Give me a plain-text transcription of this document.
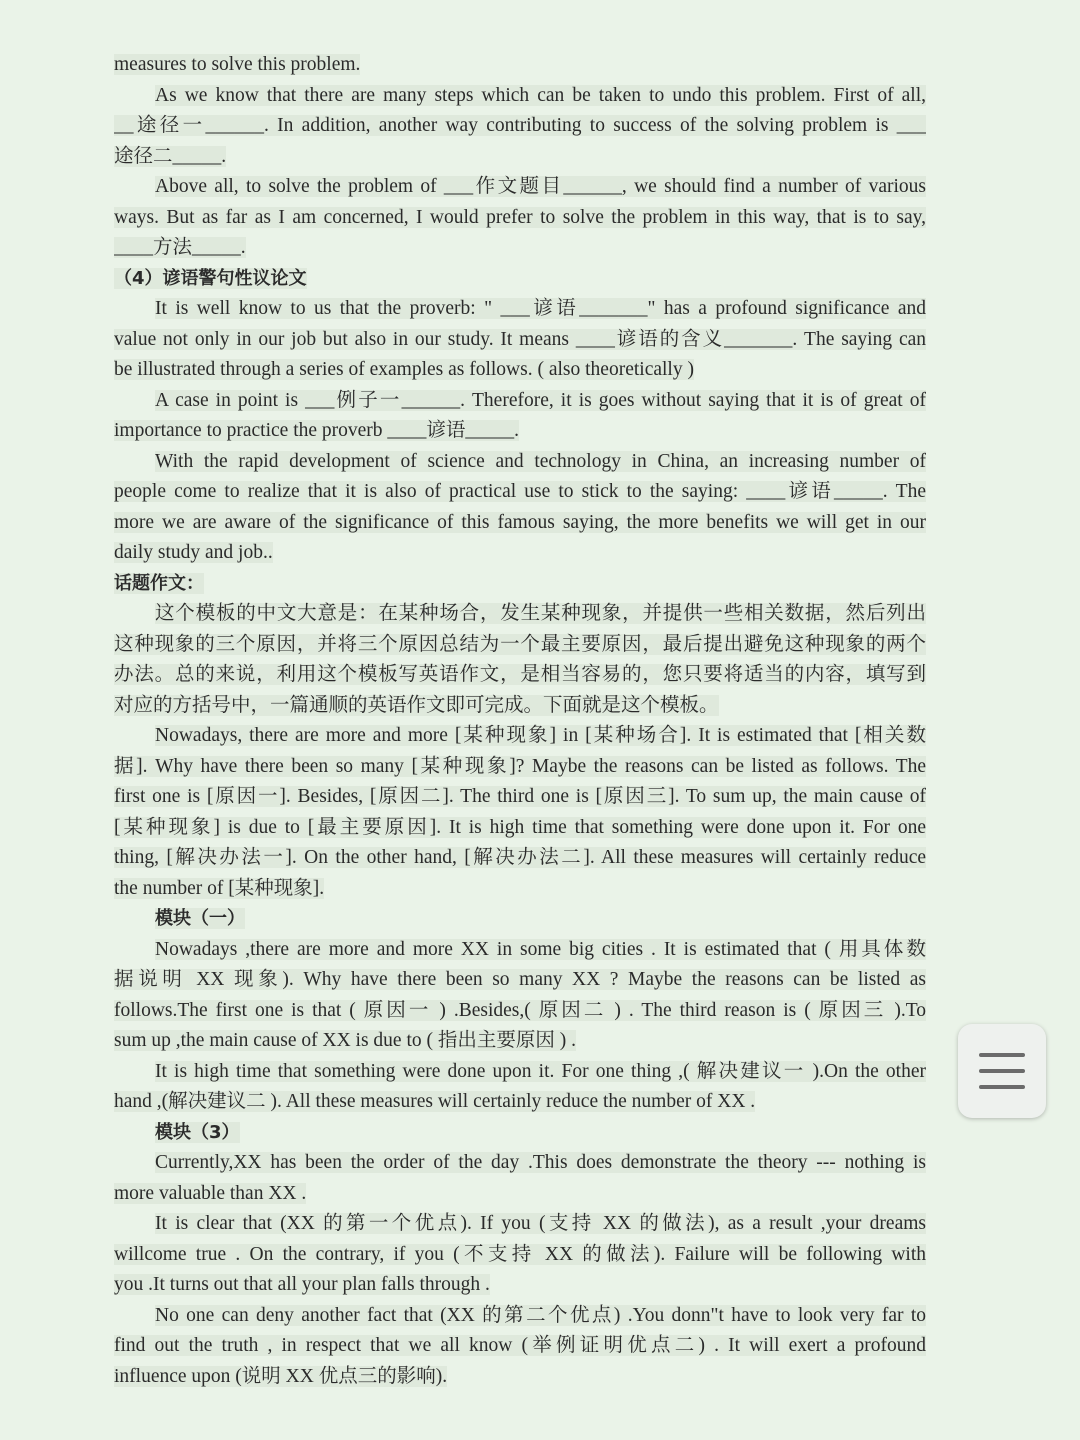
measures to solve this problem.
As we know that there are many steps which can be taken to undo this problem. First of all,
__途径一______. In addition, another way contributing to success of the solving problem is ___
途径二_____.
Above all, to solve the problem of ___作文题目______, we should find a number of various
ways. But as far as I am concerned, I would prefer to solve the problem in this way, that is to say,
____方法_____.
（4）谚语警句性议论文
It is well know to us that the proverb: " ___谚语_______" has a profound significance and
value not only in our job but also in our study. It means ____谚语的含义_______. The saying can
be illustrated through a series of examples as follows. ( also theoretically )
A case in point is ___例子一______. Therefore, it is goes without saying that it is of great of
importance to practice the proverb ____谚语_____.
With the rapid development of science and technology in China, an increasing number of
people come to realize that it is also of practical use to stick to the saying: ____谚语_____. The
more we are aware of the significance of this famous saying, the more benefits we will get in our
daily study and job..
话题作文：
这个模板的中文大意是：在某种场合，发生某种现象，并提供一些相关数据，然后列出
这种现象的三个原因，并将三个原因总结为一个最主要原因，最后提出避免这种现象的两个
办法。总的来说，利用这个模板写英语作文，是相当容易的，您只要将适当的内容，填写到
对应的方括号中，一篇通顺的英语作文即可完成。下面就是这个模板。
Nowadays, there are more and more [某种现象] in [某种场合]. It is estimated that [相关数
据]. Why have there been so many [某种现象]? Maybe the reasons can be listed as follows. The
first one is [原因一]. Besides, [原因二]. The third one is [原因三]. To sum up, the main cause of
[某种现象] is due to [最主要原因]. It is high time that something were done upon it. For one
thing, [解决办法一]. On the other hand, [解决办法二]. All these measures will certainly reduce
the number of [某种现象].
模块（一）
Nowadays ,there are more and more XX in some big cities . It is estimated that ( 用具体数
据说明 XX 现象). Why have there been so many XX ? Maybe the reasons can be listed as
follows.The first one is that ( 原因一 ) .Besides,( 原因二 ) . The third reason is ( 原因三 ).To
sum up ,the main cause of XX is due to ( 指出主要原因 ) .
It is high time that something were done upon it. For one thing ,( 解决建议一 ).On the other
hand ,(解决建议二 ). All these measures will certainly reduce the number of XX .
模块（3）
Currently,XX has been the order of the day .This does demonstrate the theory --- nothing is
more valuable than XX .
It is clear that (XX 的第一个优点). If you (支持 XX 的做法), as a result ,your dreams
willcome true . On the contrary, if you (不支持 XX 的做法). Failure will be following with
you .It turns out that all your plan falls through .
No one can deny another fact that (XX 的第二个优点) .You donn"t have to look very far to
find out the truth , in respect that we all know (举例证明优点二) . It will exert a profound
influence upon (说明 XX 优点三的影响).
